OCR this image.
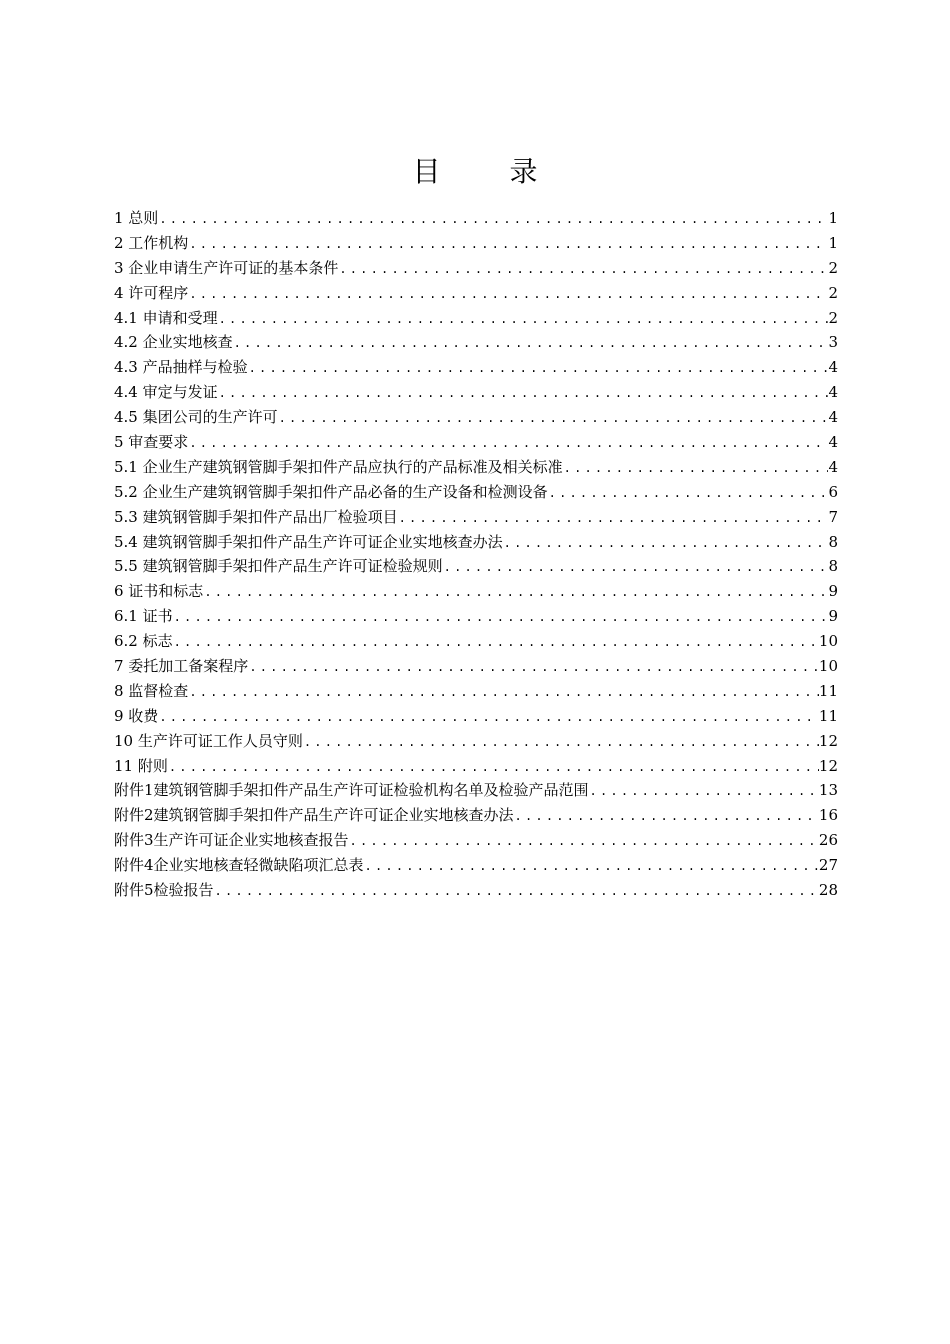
目 录
1 总则 .....	1
2 工作机构 .....	1
3 企业申请生产许可证的基本条件 .....	2
4 许可程序 .....	2
4.1 申请和受理 .....	2
4.2 企业实地核查 .....	3
4.3 产品抽样与检验 .....	4
4.4 审定与发证 .....	4
4.5 集团公司的生产许可 .....	4
5 审查要求 .....	4
5.1 企业生产建筑钢管脚手架扣件产品应执行的产品标准及相关标准 .....	4
5.2 企业生产建筑钢管脚手架扣件产品必备的生产设备和检测设备 .....	6
5.3 建筑钢管脚手架扣件产品出厂检验项目 .....	7
5.4 建筑钢管脚手架扣件产品生产许可证企业实地核查办法 .....	8
5.5 建筑钢管脚手架扣件产品生产许可证检验规则 .....	8
6 证书和标志 .....	9
6.1 证书 .....	9
6.2 标志 .....	10
7 委托加工备案程序 .....	10
8 监督检查 .....	11
9 收费 .....	11
10 生产许可证工作人员守则 .....	12
11 附则 .....	12
附件1建筑钢管脚手架扣件产品生产许可证检验机构名单及检验产品范围 .....	13
附件2建筑钢管脚手架扣件产品生产许可证企业实地核查办法 .....	16
附件3生产许可证企业实地核查报告 .....	26
附件4企业实地核查轻微缺陷项汇总表 .....	27
附件5检验报告 .....	28
